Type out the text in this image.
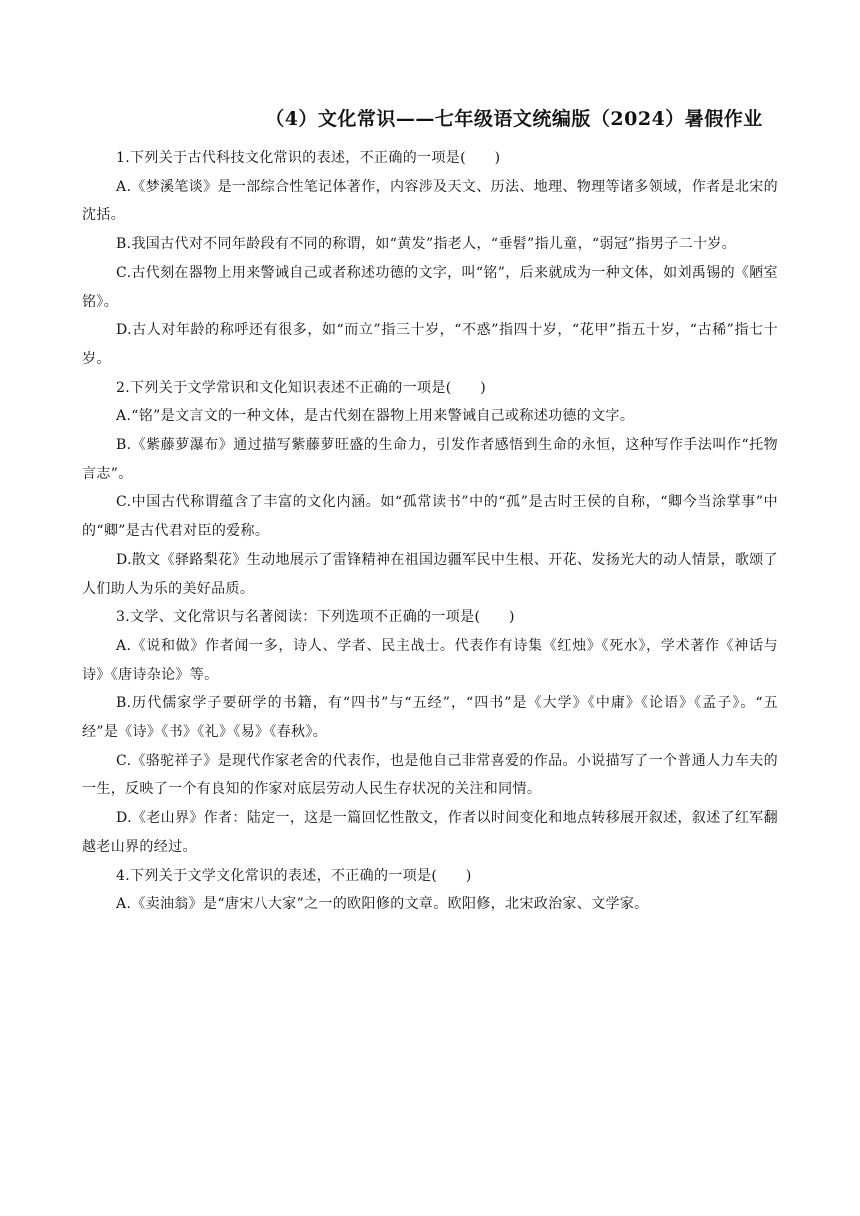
（4）文化常识——七年级语文统编版（2024）暑假作业

1.下列关于古代科技文化常识的表述，不正确的一项是(　　)

A.《梦溪笔谈》是一部综合性笔记体著作，内容涉及天文、历法、地理、物理等诸多领域，作者是北宋的沈括。

B.我国古代对不同年龄段有不同的称谓，如“黄发”指老人，“垂髫”指儿童，“弱冠”指男子二十岁。

C.古代刻在器物上用来警诫自己或者称述功德的文字，叫“铭”，后来就成为一种文体，如刘禹锡的《陋室铭》。

D.古人对年龄的称呼还有很多，如“而立”指三十岁，“不惑”指四十岁，“花甲”指五十岁，“古稀”指七十岁。

2.下列关于文学常识和文化知识表述不正确的一项是(　　)

A.“铭”是文言文的一种文体，是古代刻在器物上用来警诫自己或称述功德的文字。

B.《紫藤萝瀑布》通过描写紫藤萝旺盛的生命力，引发作者感悟到生命的永恒，这种写作手法叫作“托物言志”。

C.中国古代称谓蕴含了丰富的文化内涵。如“孤常读书”中的“孤”是古时王侯的自称，“卿今当涂掌事”中的“卿”是古代君对臣的爱称。

D.散文《驿路梨花》生动地展示了雷锋精神在祖国边疆军民中生根、开花、发扬光大的动人情景，歌颂了人们助人为乐的美好品质。

3.文学、文化常识与名著阅读：下列选项不正确的一项是(　　)

A.《说和做》作者闻一多，诗人、学者、民主战士。代表作有诗集《红烛》《死水》，学术著作《神话与诗》《唐诗杂论》等。

B.历代儒家学子要研学的书籍，有“四书”与“五经”，“四书”是《大学》《中庸》《论语》《孟子》。“五经”是《诗》《书》《礼》《易》《春秋》。

C.《骆驼祥子》是现代作家老舍的代表作，也是他自己非常喜爱的作品。小说描写了一个普通人力车夫的一生，反映了一个有良知的作家对底层劳动人民生存状况的关注和同情。

D.《老山界》作者：陆定一，这是一篇回忆性散文，作者以时间变化和地点转移展开叙述，叙述了红军翻越老山界的经过。

4.下列关于文学文化常识的表述，不正确的一项是(　　)

A.《卖油翁》是“唐宋八大家”之一的欧阳修的文章。欧阳修，北宋政治家、文学家。
